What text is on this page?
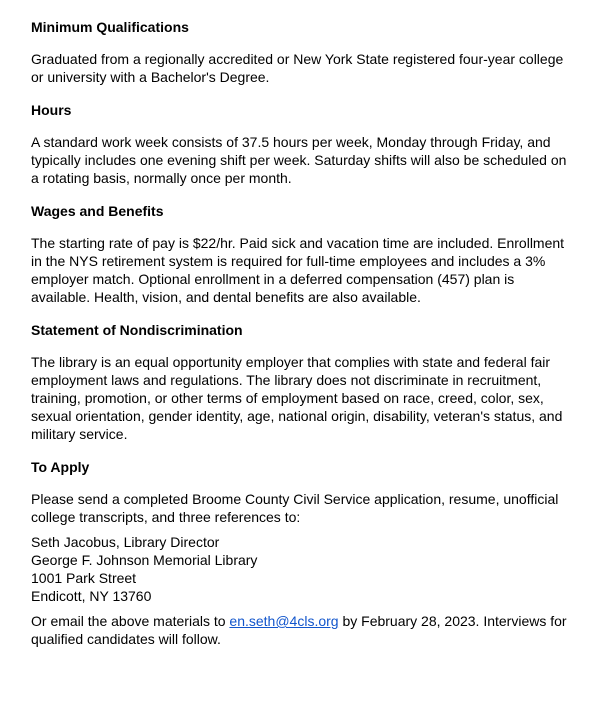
Minimum Qualifications
Graduated from a regionally accredited or New York State registered four-year college
or university with a Bachelor's Degree.
Hours
A standard work week consists of 37.5 hours per week, Monday through Friday, and
typically includes one evening shift per week. Saturday shifts will also be scheduled on
a rotating basis, normally once per month.
Wages and Benefits
The starting rate of pay is $22/hr. Paid sick and vacation time are included. Enrollment
in the NYS retirement system is required for full-time employees and includes a 3%
employer match. Optional enrollment in a deferred compensation (457) plan is
available. Health, vision, and dental benefits are also available.
Statement of Nondiscrimination
The library is an equal opportunity employer that complies with state and federal fair
employment laws and regulations. The library does not discriminate in recruitment,
training, promotion, or other terms of employment based on race, creed, color, sex,
sexual orientation, gender identity, age, national origin, disability, veteran's status, and
military service.
To Apply
Please send a completed Broome County Civil Service application, resume, unofficial
college transcripts, and three references to:
Seth Jacobus, Library Director
George F. Johnson Memorial Library
1001 Park Street
Endicott, NY 13760
Or email the above materials to en.seth@4cls.org by February 28, 2023. Interviews for
qualified candidates will follow.
